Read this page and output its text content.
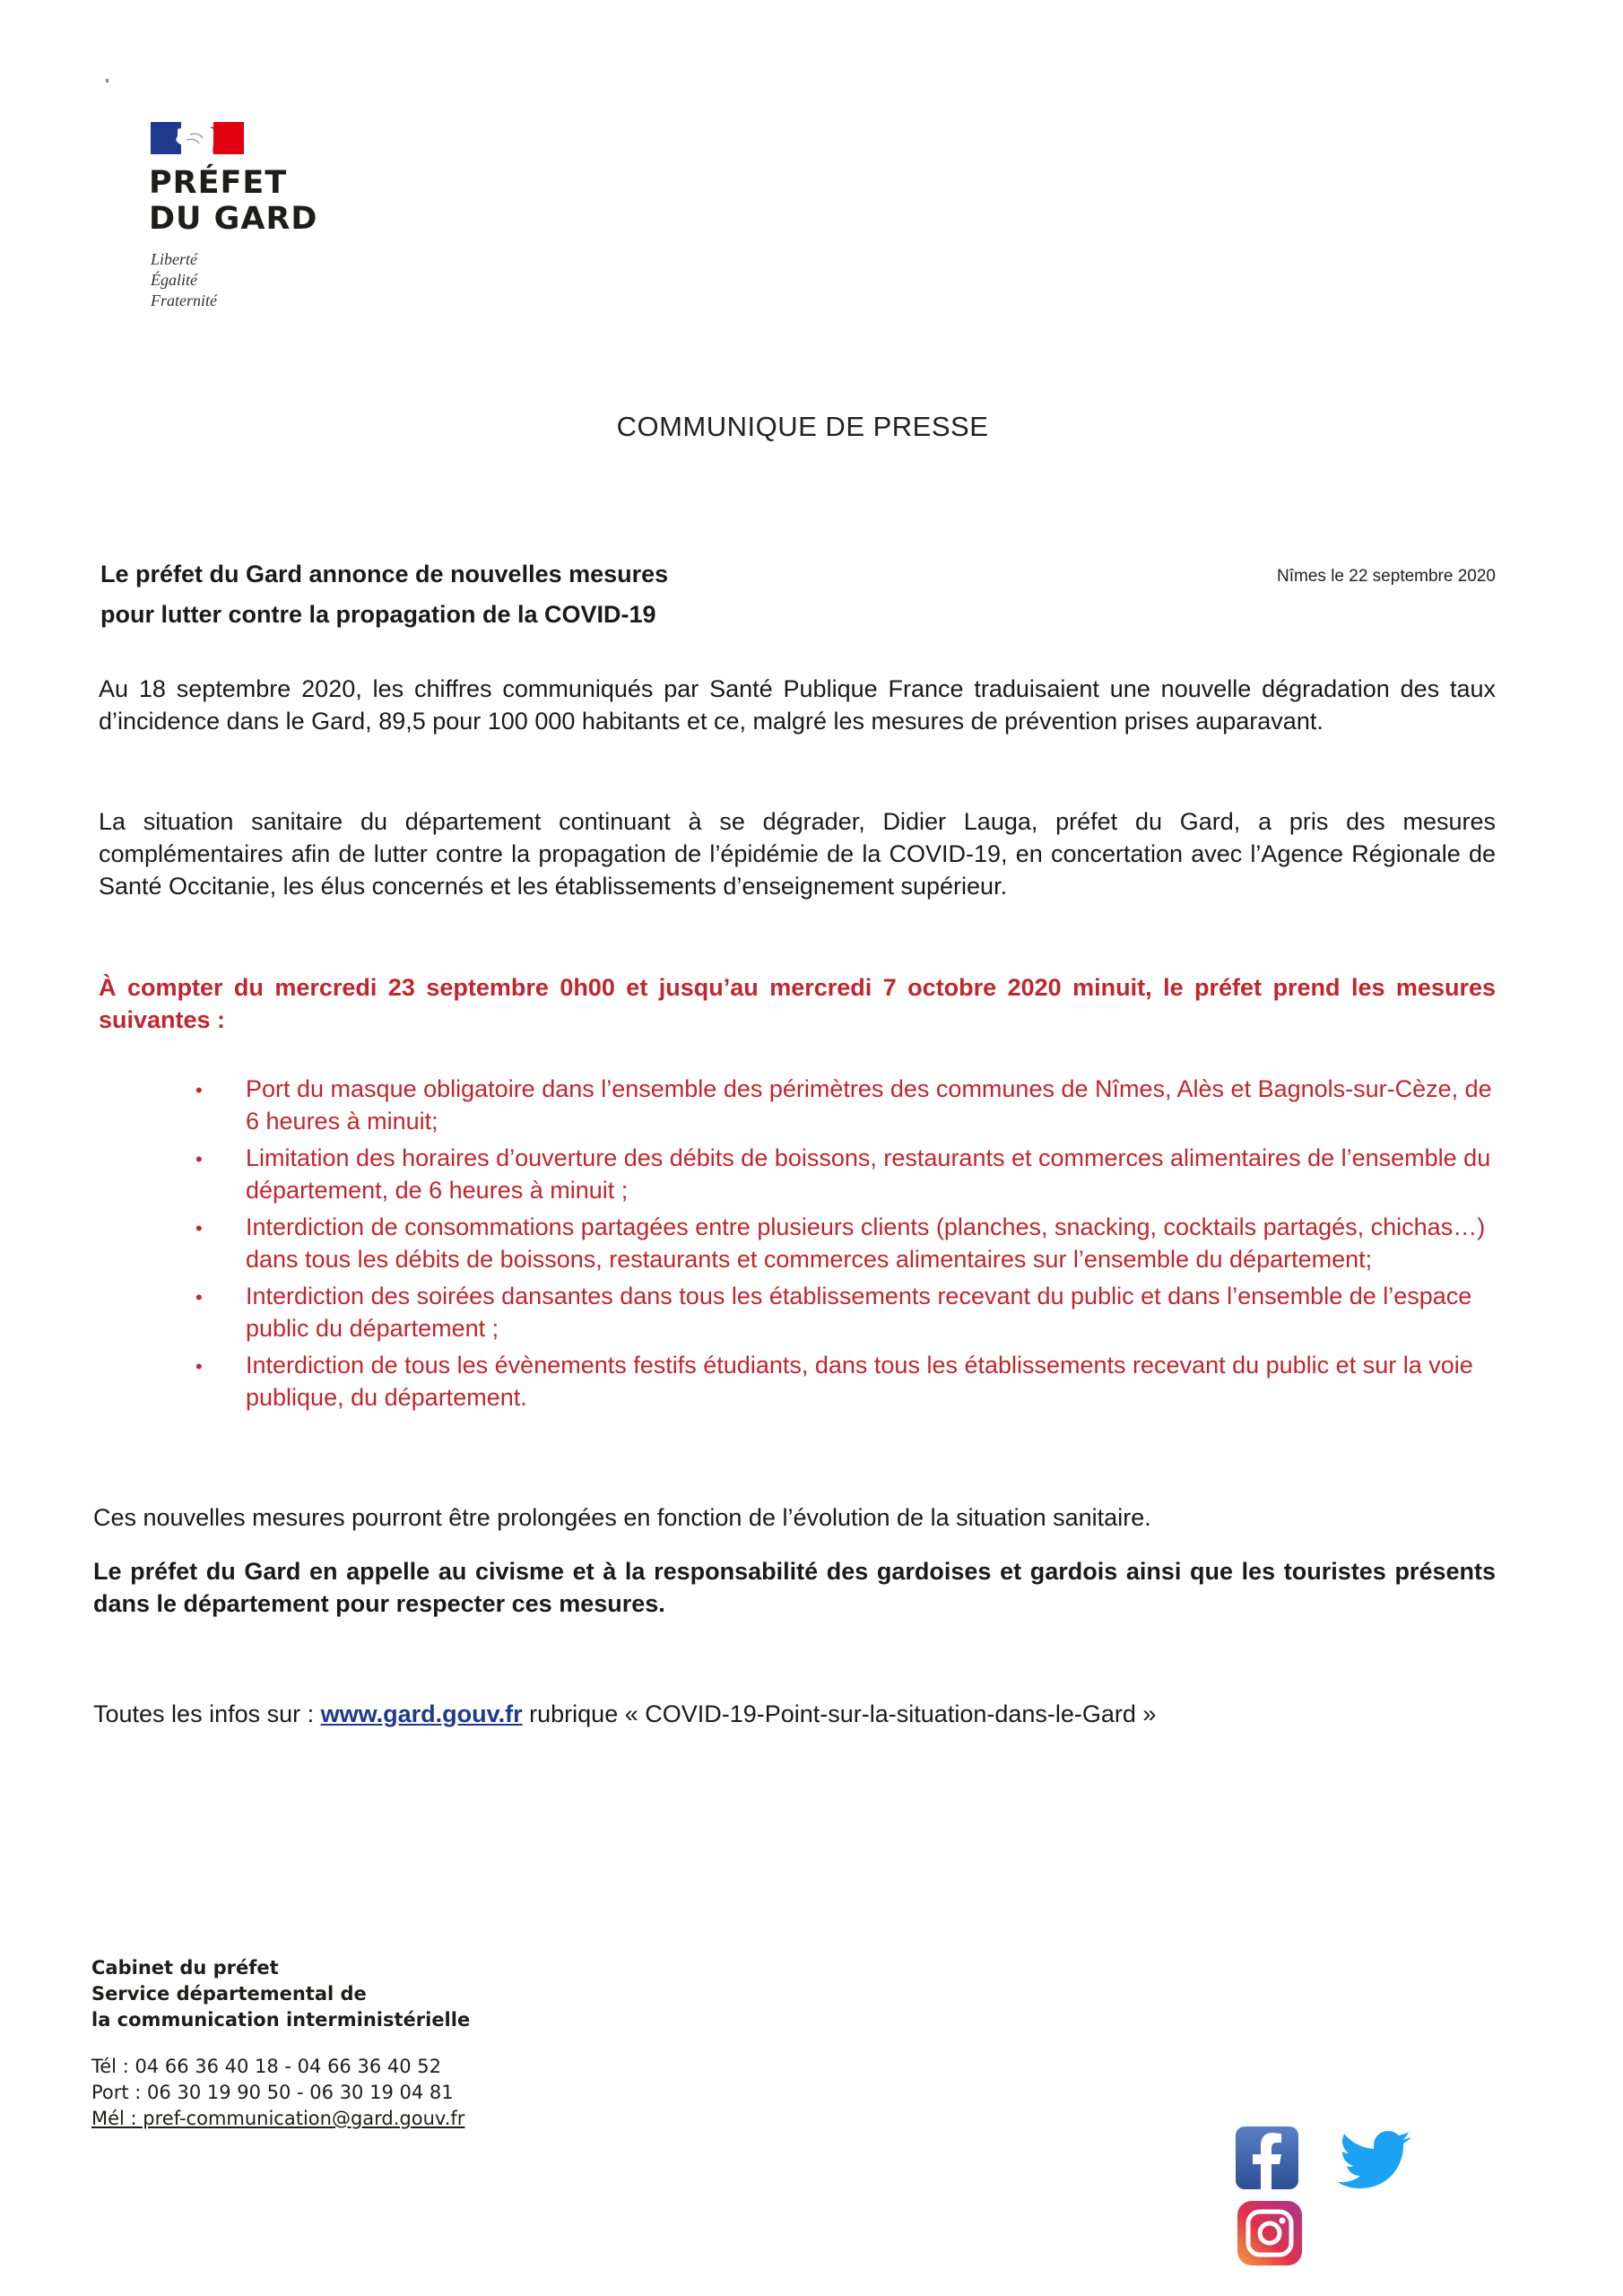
PRÉFET
DU GARD
Liberté
Égalité
Fraternité
COMMUNIQUE DE PRESSE
Le préfet du Gard annonce de nouvelles mesures
pour lutter contre la propagation de la COVID-19
Nîmes le 22 septembre 2020
Au 18 septembre 2020, les chiffres communiqués par Santé Publique France traduisaient une nouvelle dégradation des taux d’incidence dans le Gard, 89,5 pour 100 000 habitants et ce, malgré les mesures de prévention prises auparavant.
La situation sanitaire du département continuant à se dégrader, Didier Lauga, préfet du Gard, a pris des mesures complémentaires afin de lutter contre la propagation de l’épidémie de la COVID-19, en concertation avec l’Agence Régionale de Santé Occitanie, les élus concernés et les établissements d’enseignement supérieur.
À compter du mercredi 23 septembre 0h00 et jusqu’au mercredi 7 octobre 2020 minuit, le préfet prend les mesures suivantes :
• Port du masque obligatoire dans l’ensemble des périmètres des communes de Nîmes, Alès et Bagnols-sur-Cèze, de 6 heures à minuit;
• Limitation des horaires d’ouverture des débits de boissons, restaurants et commerces alimentaires de l’ensemble du département, de 6 heures à minuit ;
• Interdiction de consommations partagées entre plusieurs clients (planches, snacking, cocktails partagés, chichas…) dans tous les débits de boissons, restaurants et commerces alimentaires sur l’ensemble du département;
• Interdiction des soirées dansantes dans tous les établissements recevant du public et dans l’ensemble de l’espace public du département ;
• Interdiction de tous les évènements festifs étudiants, dans tous les établissements recevant du public et sur la voie publique, du département.
Ces nouvelles mesures pourront être prolongées en fonction de l’évolution de la situation sanitaire.
Le préfet du Gard en appelle au civisme et à la responsabilité des gardoises et gardois ainsi que les touristes présents dans le département pour respecter ces mesures.
Toutes les infos sur : www.gard.gouv.fr rubrique « COVID-19-Point-sur-la-situation-dans-le-Gard »
Cabinet du préfet
Service départemental de
la communication interministérielle
Tél : 04 66 36 40 18 - 04 66 36 40 52
Port : 06 30 19 90 50 - 06 30 19 04 81
Mél : pref-communication@gard.gouv.fr
